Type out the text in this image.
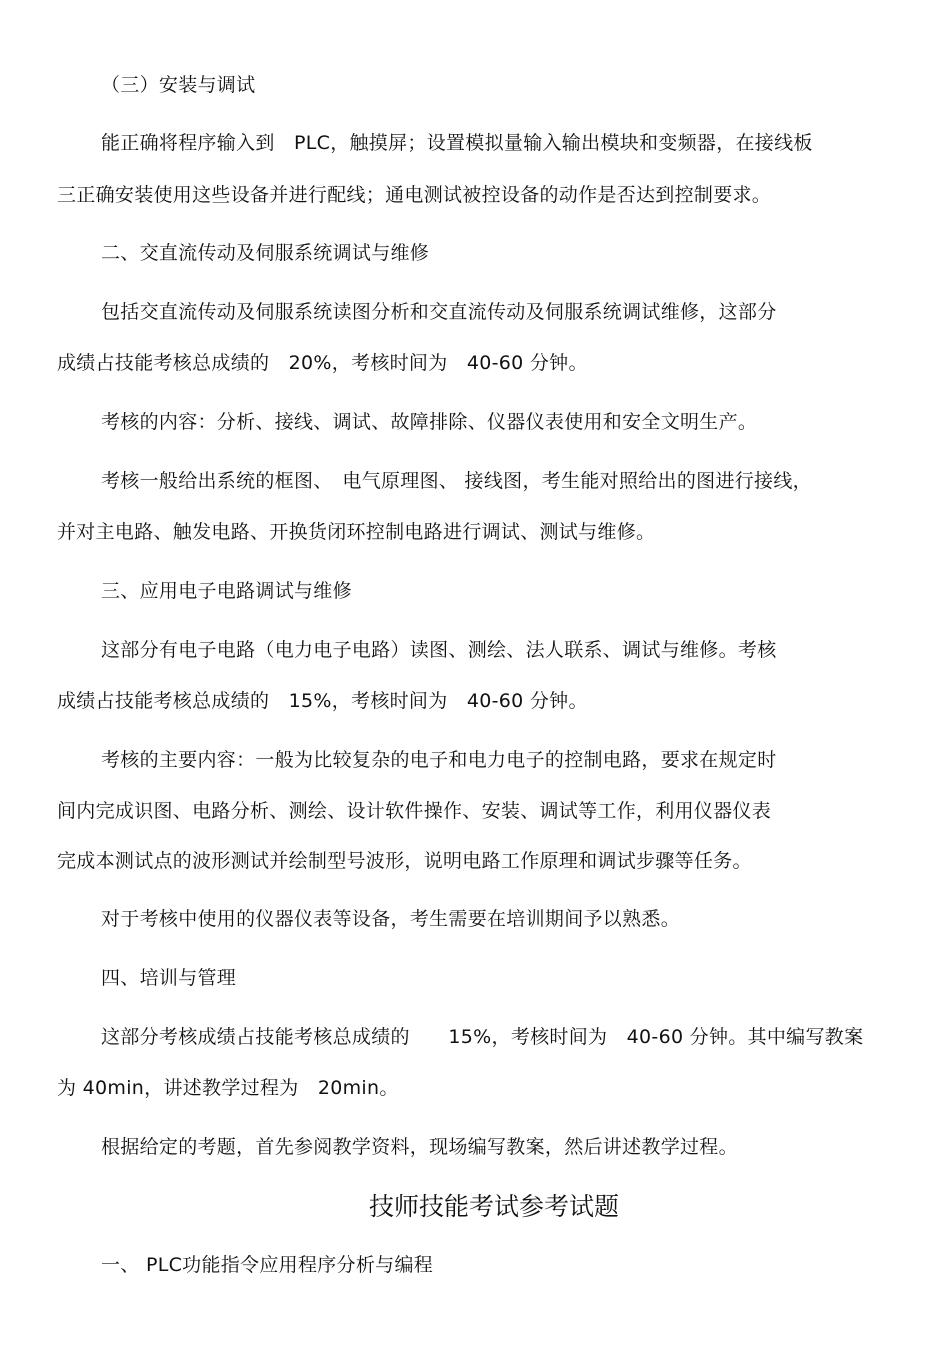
（三）安装与调试
能正确将程序输入到　PLC，触摸屏；设置模拟量输入输出模块和变频器，在接线板
三正确安装使用这些设备并进行配线；通电测试被控设备的动作是否达到控制要求。
二、交直流传动及伺服系统调试与维修
包括交直流传动及伺服系统读图分析和交直流传动及伺服系统调试维修，这部分
成绩占技能考核总成绩的　20%，考核时间为　40-60 分钟。
考核的内容：分析、接线、调试、故障排除、仪器仪表使用和安全文明生产。
考核一般给出系统的框图、　电气原理图、 接线图，考生能对照给出的图进行接线，
并对主电路、触发电路、开换货闭环控制电路进行调试、测试与维修。
三、应用电子电路调试与维修
这部分有电子电路（电力电子电路）读图、测绘、法人联系、调试与维修。考核
成绩占技能考核总成绩的　15%，考核时间为　40-60 分钟。
考核的主要内容：一般为比较复杂的电子和电力电子的控制电路，要求在规定时
间内完成识图、电路分析、测绘、设计软件操作、安装、调试等工作，利用仪器仪表
完成本测试点的波形测试并绘制型号波形，说明电路工作原理和调试步骤等任务。
对于考核中使用的仪器仪表等设备，考生需要在培训期间予以熟悉。
四、培训与管理
这部分考核成绩占技能考核总成绩的　　15%，考核时间为　40-60 分钟。其中编写教案
为 40min，讲述教学过程为　20min。
根据给定的考题，首先参阅教学资料，现场编写教案，然后讲述教学过程。
技师技能考试参考试题
一、 PLC功能指令应用程序分析与编程
